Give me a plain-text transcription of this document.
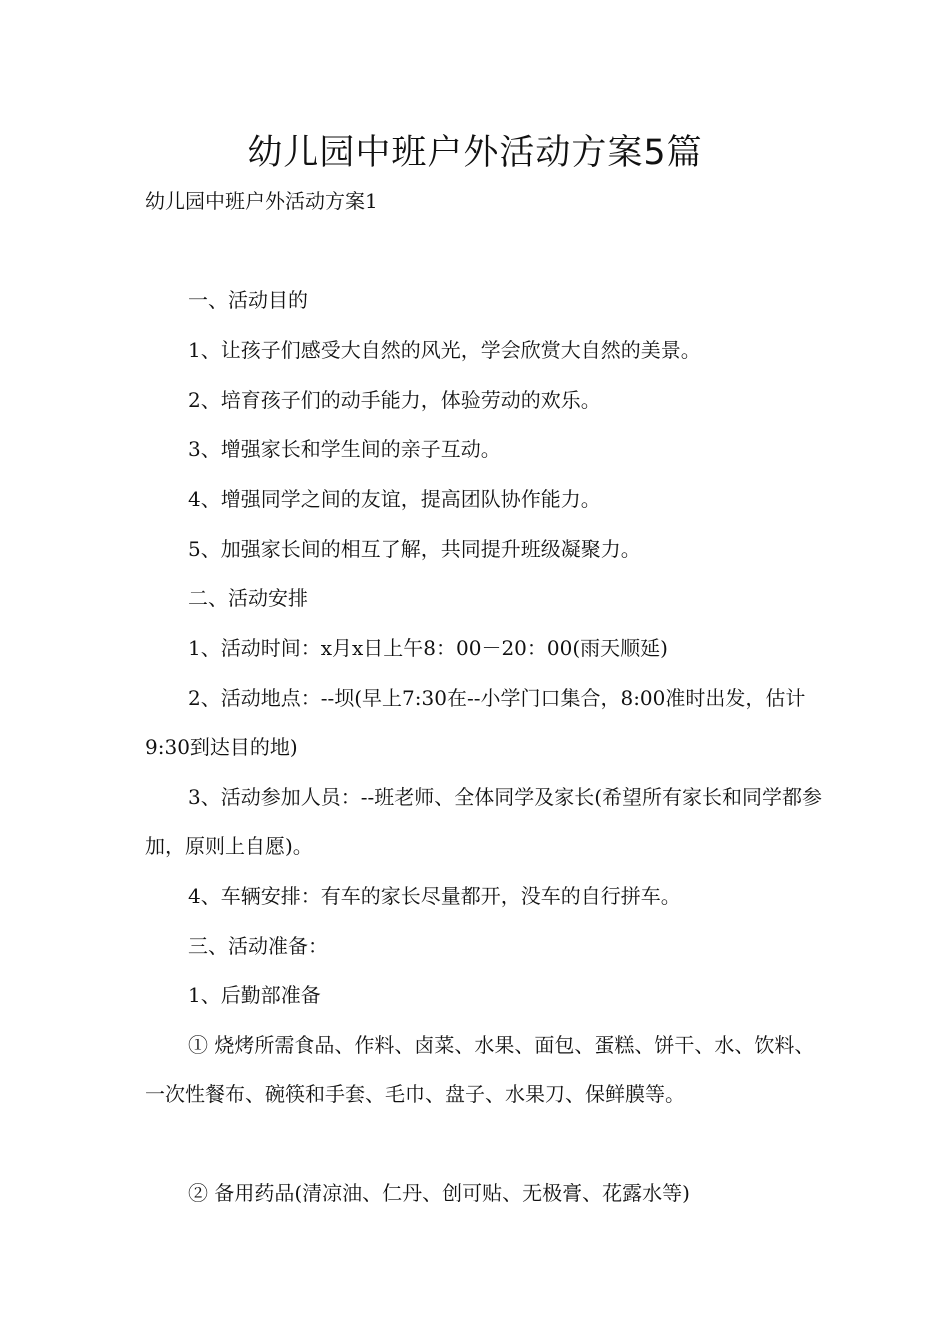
幼儿园中班户外活动方案5篇

幼儿园中班户外活动方案1

一、活动目的

1、让孩子们感受大自然的风光，学会欣赏大自然的美景。

2、培育孩子们的动手能力，体验劳动的欢乐。

3、增强家长和学生间的亲子互动。

4、增强同学之间的友谊，提高团队协作能力。

5、加强家长间的相互了解，共同提升班级凝聚力。

二、活动安排

1、活动时间：x月x日上午8：00－20：00(雨天顺延)

2、活动地点：--坝(早上7:30在--小学门口集合，8:00准时出发，估计9:30到达目的地)

3、活动参加人员：--班老师、全体同学及家长(希望所有家长和同学都参加，原则上自愿)。

4、车辆安排：有车的家长尽量都开，没车的自行拼车。

三、活动准备：

1、后勤部准备

① 烧烤所需食品、作料、卤菜、水果、面包、蛋糕、饼干、水、饮料、一次性餐布、碗筷和手套、毛巾、盘子、水果刀、保鲜膜等。

② 备用药品(清凉油、仁丹、创可贴、无极膏、花露水等)
